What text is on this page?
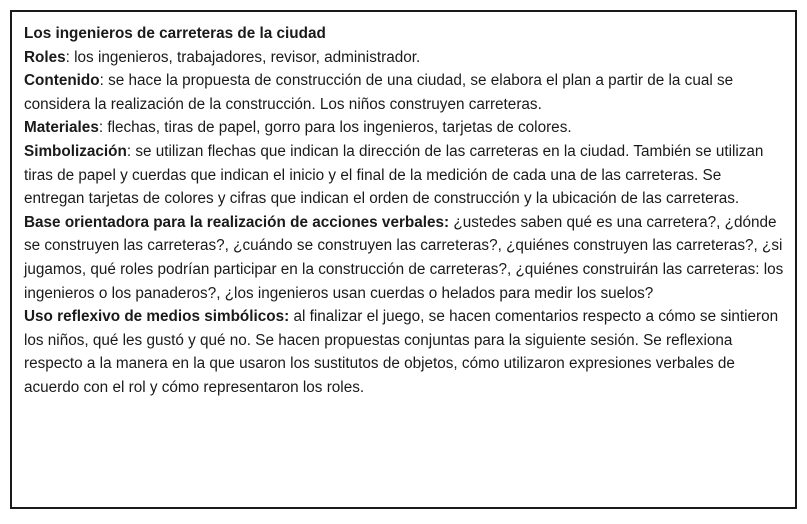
Los ingenieros de carreteras de la ciudad

Roles: los ingenieros, trabajadores, revisor, administrador.

Contenido: se hace la propuesta de construcción de una ciudad, se elabora el plan a partir de la cual se considera la realización de la construcción. Los niños construyen carreteras.

Materiales: flechas, tiras de papel, gorro para los ingenieros, tarjetas de colores.

Simbolización: se utilizan flechas que indican la dirección de las carreteras en la ciudad. También se utilizan tiras de papel y cuerdas que indican el inicio y el final de la medición de cada una de las carreteras. Se entregan tarjetas de colores y cifras que indican el orden de construcción y la ubicación de las carreteras.

Base orientadora para la realización de acciones verbales: ¿ustedes saben qué es una carretera?, ¿dónde se construyen las carreteras?, ¿cuándo se construyen las carreteras?, ¿quiénes construyen las carreteras?, ¿si jugamos, qué roles podrían participar en la construcción de carreteras?, ¿quiénes construirán las carreteras: los ingenieros o los panaderos?, ¿los ingenieros usan cuerdas o helados para medir los suelos?

Uso reflexivo de medios simbólicos: al finalizar el juego, se hacen comentarios respecto a cómo se sintieron los niños, qué les gustó y qué no. Se hacen propuestas conjuntas para la siguiente sesión. Se reflexiona respecto a la manera en la que usaron los sustitutos de objetos, cómo utilizaron expresiones verbales de acuerdo con el rol y cómo representaron los roles.
